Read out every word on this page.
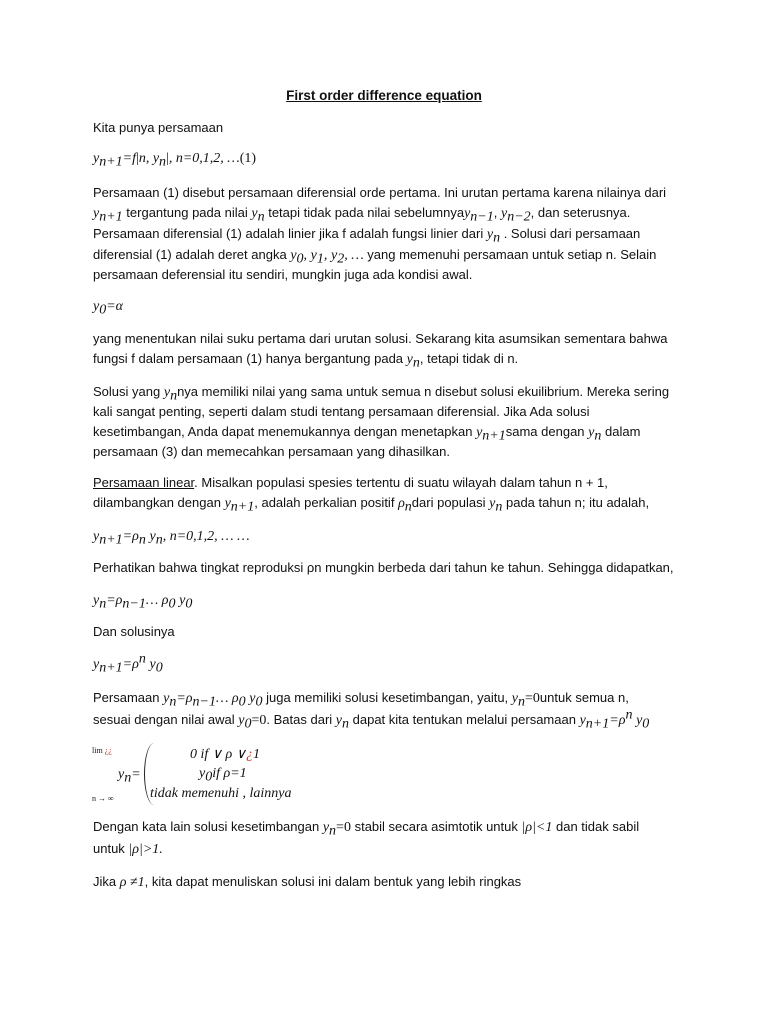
First order difference equation
Kita punya persamaan
$y_{n+1}=f|n$, $y_n|$, n=0,1,2, …(1)
Persamaan (1) disebut persamaan diferensial orde pertama. Ini urutan pertama karena nilainya dari
$y_{n+1}$ tergantung pada nilai $y_n$ tetapi tidak pada nilai sebelumnyay$_{n-1}$, $y_{n-2}$, dan seterusnya.
Persamaan diferensial (1) adalah linier jika f adalah fungsi linier dari $y_n$ . Solusi dari persamaan
diferensial (1) adalah deret angka $y_0$, $y_1$, $y_2$, … yang memenuhi persamaan untuk setiap n. Selain
persamaan deferensial itu sendiri, mungkin juga ada kondisi awal.
$y_0=\alpha$
yang menentukan nilai suku pertama dari urutan solusi. Sekarang kita asumsikan sementara bahwa
fungsi f dalam persamaan (1) hanya bergantung pada $y_n$, tetapi tidak di n.
Solusi yang $y_nnya$ memiliki nilai yang sama untuk semua n disebut solusi ekuilibrium. Mereka sering
kali sangat penting, seperti dalam studi tentang persamaan diferensial. Jika Ada solusi
kesetimbangan, Anda dapat menemukannya dengan menetapkan $y_{n+1}sama$ dengan $y_n$ dalam
persamaan (3) dan memecahkan persamaan yang dihasilkan.
Persamaan linear. Misalkan populasi spesies tertentu di suatu wilayah dalam tahun n + 1,
dilambangkan dengan $y_{n+1}$, adalah perkalian positif $\rho_ndari$ populasi $y_n$ pada tahun n; itu adalah,
$y_{n+1}=\rho_n$ $y_n$, n=0,1,2, … …
Perhatikan bahwa tingkat reproduksi ρn mungkin berbeda dari tahun ke tahun. Sehingga didapatkan,
$y_n=\rho_{n-1}\dots$ $\rho_0$ $y_0$
Dan solusinya
$y_{n+1}=\rho^n$ $y_0$
Persamaan $y_n=\rho_{n-1}\dots$ $\rho_0$ $y_0$ juga memiliki solusi kesetimbangan, yaitu, $y_n=0untuk$ semua n,
sesuai dengan nilai awal $y_0=0$. Batas dari $y_n$ dapat kita tentukan melalui persamaan $y_{n+1}=\rho^n$ $y_0$
lim ¿¿
$y_n=$
n → ∞
0 if ∨ ρ ∨¿1
$y_0if$ ρ=1
tidak memenuhi , lainnya
Dengan kata lain solusi kesetimbangan $y_n=0$ stabil secara asimtotik untuk |ρ|<1 dan tidak sabil
untuk |ρ|>1.
Jika ρ ≠1, kita dapat menuliskan solusi ini dalam bentuk yang lebih ringkas
